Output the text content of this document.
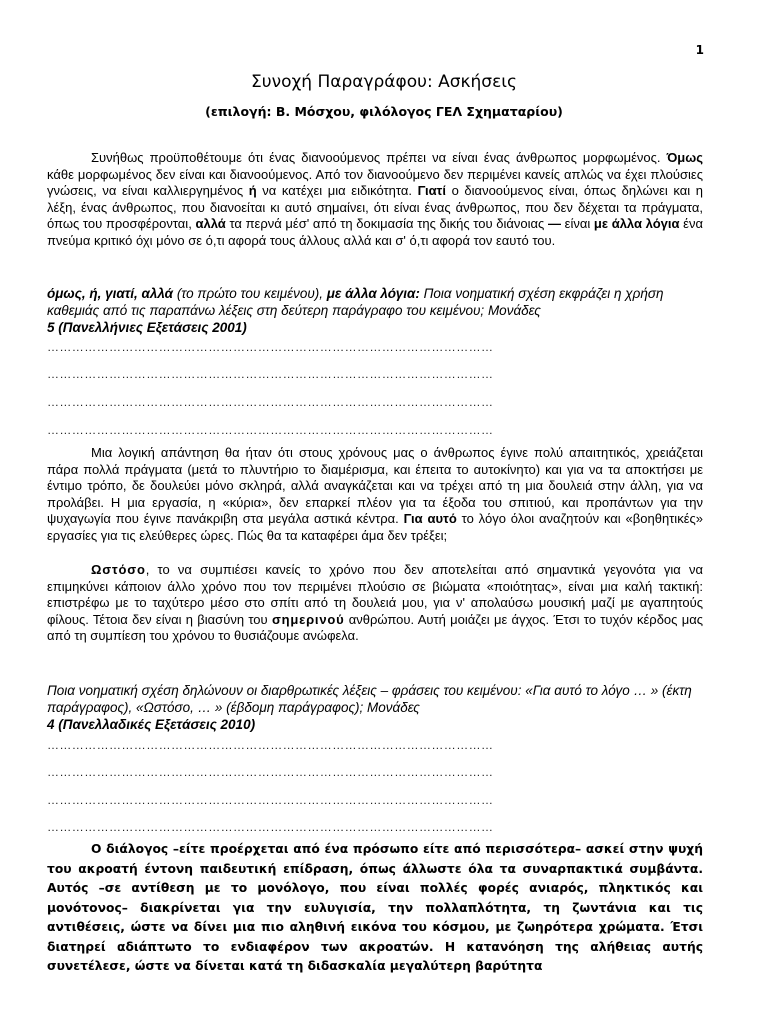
1
Συνοχή Παραγράφου: Ασκήσεις
(επιλογή: Β. Μόσχου, φιλόλογος ΓΕΛ Σχηματαρίου)
Συνήθως προϋποθέτουμε ότι ένας διανοούμενος πρέπει να είναι ένας άνθρωπος μορφωμένος. Όμως κάθε μορφωμένος δεν είναι και διανοούμενος. Από τον διανοούμενο δεν περιμένει κανείς απλώς να έχει πλούσιες γνώσεις, να είναι καλλιεργημένος ή να κατέχει μια ειδικότητα. Γιατί ο διανοούμενος είναι, όπως δηλώνει και η λέξη, ένας άνθρωπος, που διανοείται κι αυτό σημαίνει, ότι είναι ένας άνθρωπος, που δεν δέχεται τα πράγματα, όπως του προσφέρονται, αλλά τα περνά μέσ' από τη δοκιμασία της δικής του διάνοιας — είναι με άλλα λόγια ένα πνεύμα κριτικό όχι μόνο σε ό,τι αφορά τους άλλους αλλά και σ' ό,τι αφορά τον εαυτό του.
όμως, ή, γιατί, αλλά (το πρώτο του κειμένου), με άλλα λόγια: Ποια νοηματική σχέση εκφράζει η χρήση καθεμιάς από τις παραπάνω λέξεις στη δεύτερη παράγραφο του κειμένου; Μονάδες
5 (Πανελλήνιες Εξετάσεις 2001)
………………………………………………………………………………………………
………………………………………………………………………………………………
………………………………………………………………………………………………
………………………………………………………………………………………………
Μια λογική απάντηση θα ήταν ότι στους χρόνους μας ο άνθρωπος έγινε πολύ απαιτητικός, χρειάζεται πάρα πολλά πράγματα (μετά το πλυντήριο το διαμέρισμα, και έπειτα το αυτοκίνητο) και για να τα αποκτήσει με έντιμο τρόπο, δε δουλεύει μόνο σκληρά, αλλά αναγκάζεται και να τρέχει από τη μια δουλειά στην άλλη, για να προλάβει. Η μια εργασία, η «κύρια», δεν επαρκεί πλέον για τα έξοδα του σπιτιού, και προπάντων για την ψυχαγωγία που έγινε πανάκριβη στα μεγάλα αστικά κέντρα. Για αυτό το λόγο όλοι αναζητούν και «βοηθητικές» εργασίες για τις ελεύθερες ώρες. Πώς θα τα καταφέρει άμα δεν τρέξει;
Ωστόσο, το να συμπιέσει κανείς το χρόνο που δεν αποτελείται από σημαντικά γεγονότα για να επιμηκύνει κάποιον άλλο χρόνο που τον περιμένει πλούσιο σε βιώματα «ποιότητας», είναι μια καλή τακτική: επιστρέφω με το ταχύτερο μέσο στο σπίτι από τη δουλειά μου, για ν' απολαύσω μουσική μαζί με αγαπητούς φίλους. Τέτοια δεν είναι η βιασύνη του σημερινού ανθρώπου. Αυτή μοιάζει με άγχος. Έτσι το τυχόν κέρδος μας από τη συμπίεση του χρόνου το θυσιάζουμε ανώφελα.
Ποια νοηματική σχέση δηλώνουν οι διαρθρωτικές λέξεις – φράσεις του κειμένου: «Για αυτό το λόγο … » (έκτη παράγραφος), «Ωστόσο, … » (έβδομη παράγραφος); Μονάδες
4 (Πανελλαδικές Εξετάσεις 2010)
………………………………………………………………………………………………
………………………………………………………………………………………………
………………………………………………………………………………………………
………………………………………………………………………………………………
Ο διάλογος –είτε προέρχεται από ένα πρόσωπο είτε από περισσότερα– ασκεί στην ψυχή του ακροατή έντονη παιδευτική επίδραση, όπως άλλωστε όλα τα συναρπακτικά συμβάντα. Αυτός –σε αντίθεση με το μονόλογο, που είναι πολλές φορές ανιαρός, πληκτικός και μονότονος– διακρίνεται για την ευλυγισία, την πολλαπλότητα, τη ζωντάνια και τις αντιθέσεις, ώστε να δίνει μια πιο αληθινή εικόνα του κόσμου, με ζωηρότερα χρώματα. Έτσι διατηρεί αδιάπτωτο το ενδιαφέρον των ακροατών. Η κατανόηση της αλήθειας αυτής συνετέλεσε, ώστε να δίνεται κατά τη διδασκαλία μεγαλύτερη βαρύτητα
